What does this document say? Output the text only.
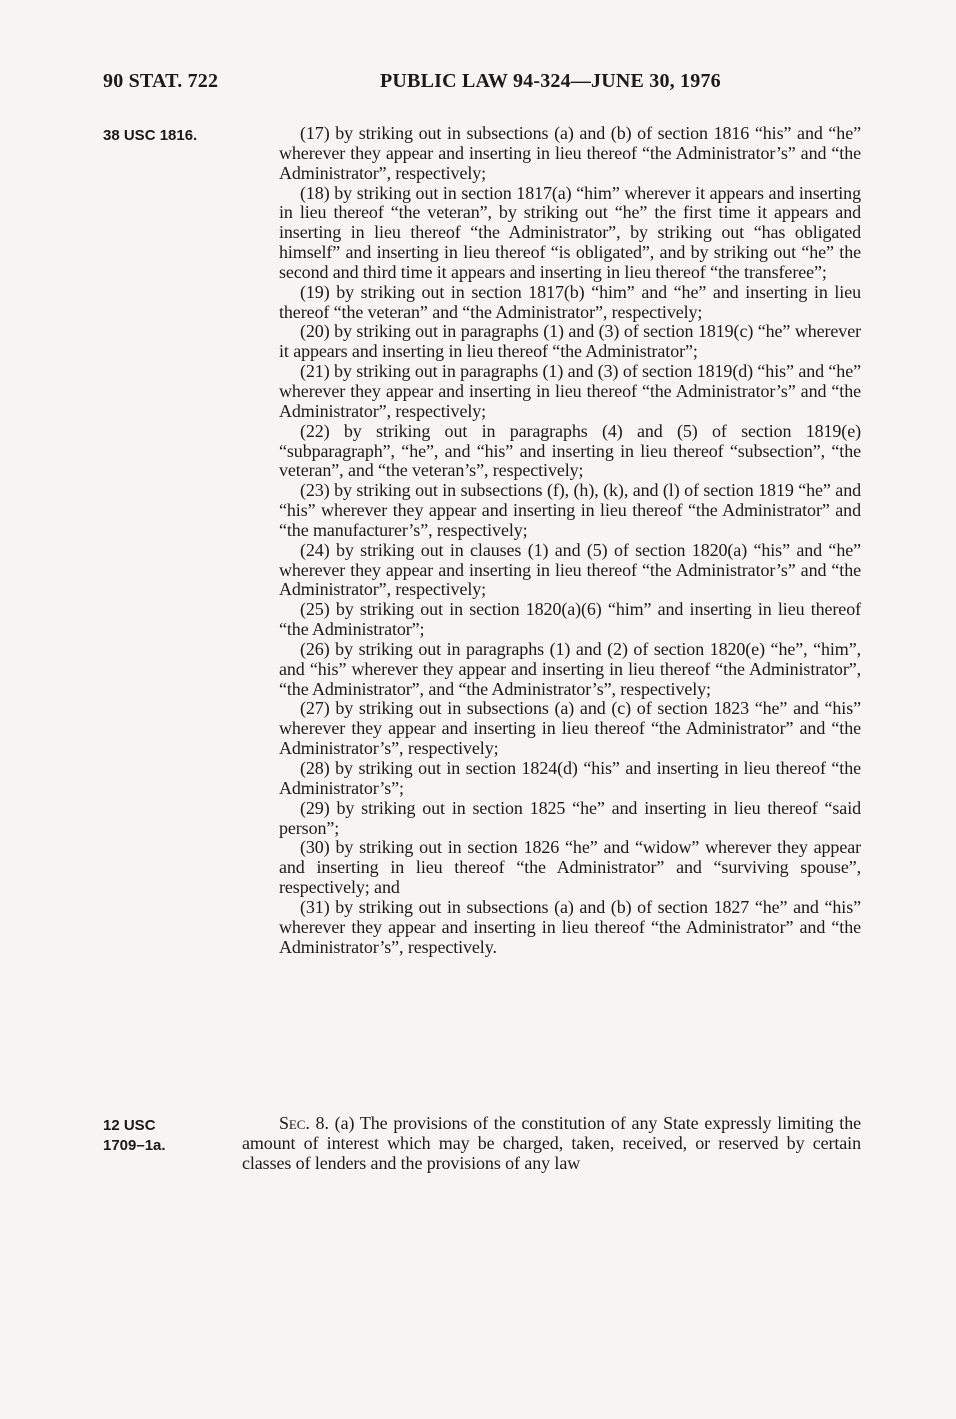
90 STAT. 722	PUBLIC LAW 94-324—JUNE 30, 1976
38 USC 1816.	(17) by striking out in subsections (a) and (b) of section 1816 “his” and “he” wherever they appear and inserting in lieu thereof “the Administrator’s” and “the Administrator”, respectively;

(18) by striking out in section 1817(a) “him” wherever it appears and inserting in lieu thereof “the veteran”, by striking out “he” the first time it appears and inserting in lieu thereof “the Administrator”, by striking out “has obligated himself” and inserting in lieu thereof “is obligated”, and by striking out “he” the second and third time it appears and inserting in lieu thereof “the transferee”;

(19) by striking out in section 1817(b) “him” and “he” and inserting in lieu thereof “the veteran” and “the Administrator”, respectively;

(20) by striking out in paragraphs (1) and (3) of section 1819(c) “he” wherever it appears and inserting in lieu thereof “the Administrator”;

(21) by striking out in paragraphs (1) and (3) of section 1819(d) “his” and “he” wherever they appear and inserting in lieu thereof “the Administrator’s” and “the Administrator”, respectively;

(22) by striking out in paragraphs (4) and (5) of section 1819(e) “subparagraph”, “he”, and “his” and inserting in lieu thereof “subsection”, “the veteran”, and “the veteran’s”, respectively;

(23) by striking out in subsections (f), (h), (k), and (l) of section 1819 “he” and “his” wherever they appear and inserting in lieu thereof “the Administrator” and “the manufacturer’s”, respectively;

(24) by striking out in clauses (1) and (5) of section 1820(a) “his” and “he” wherever they appear and inserting in lieu thereof “the Administrator’s” and “the Administrator”, respectively;

(25) by striking out in section 1820(a)(6) “him” and inserting in lieu thereof “the Administrator”;

(26) by striking out in paragraphs (1) and (2) of section 1820(e) “he”, “him”, and “his” wherever they appear and inserting in lieu thereof “the Administrator”, “the Administrator”, and “the Administrator’s”, respectively;

(27) by striking out in subsections (a) and (c) of section 1823 “he” and “his” wherever they appear and inserting in lieu thereof “the Administrator” and “the Administrator’s”, respectively;

(28) by striking out in section 1824(d) “his” and inserting in lieu thereof “the Administrator’s”;

(29) by striking out in section 1825 “he” and inserting in lieu thereof “said person”;

(30) by striking out in section 1826 “he” and “widow” wherever they appear and inserting in lieu thereof “the Administrator” and “surviving spouse”, respectively; and

(31) by striking out in subsections (a) and (b) of section 1827 “he” and “his” wherever they appear and inserting in lieu thereof “the Administrator” and “the Administrator’s”, respectively.

12 USC
1709–1a.

Sec. 8. (a) The provisions of the constitution of any State expressly limiting the amount of interest which may be charged, taken, received, or reserved by certain classes of lenders and the provisions of any law
